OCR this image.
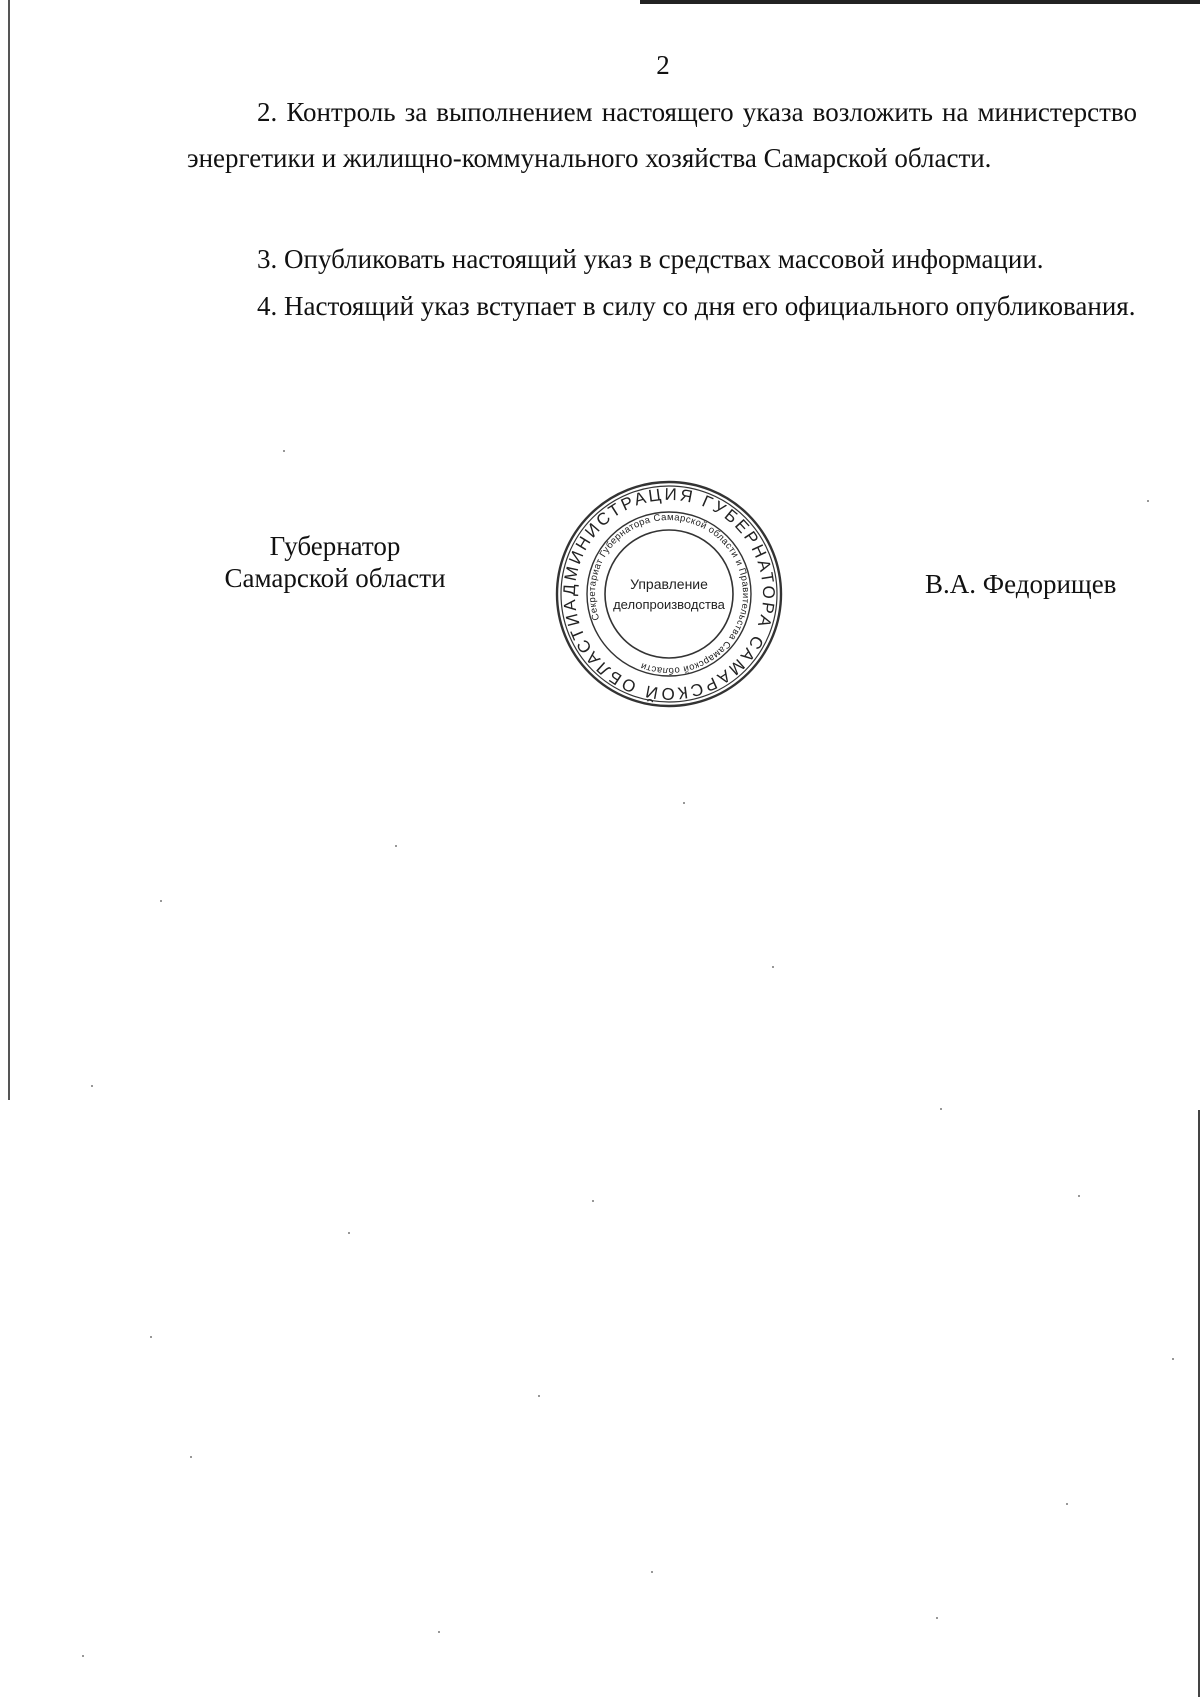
2

2. Контроль за выполнением настоящего указа возложить на министерство энергетики и жилищно-коммунального хозяйства Самарской области.

3. Опубликовать настоящий указ в средствах массовой информации.

4. Настоящий указ вступает в силу со дня его официального опубликования.

Губернатор
Самарской области
АДМИНИСТРАЦИЯ ГУБЕРНАТОРА САМАРСКОЙ ОБЛАСТИ Секретариат Губернатора Самарской области и Правительства Самарской области
Управление
делопроизводства
В.А. Федорищев
